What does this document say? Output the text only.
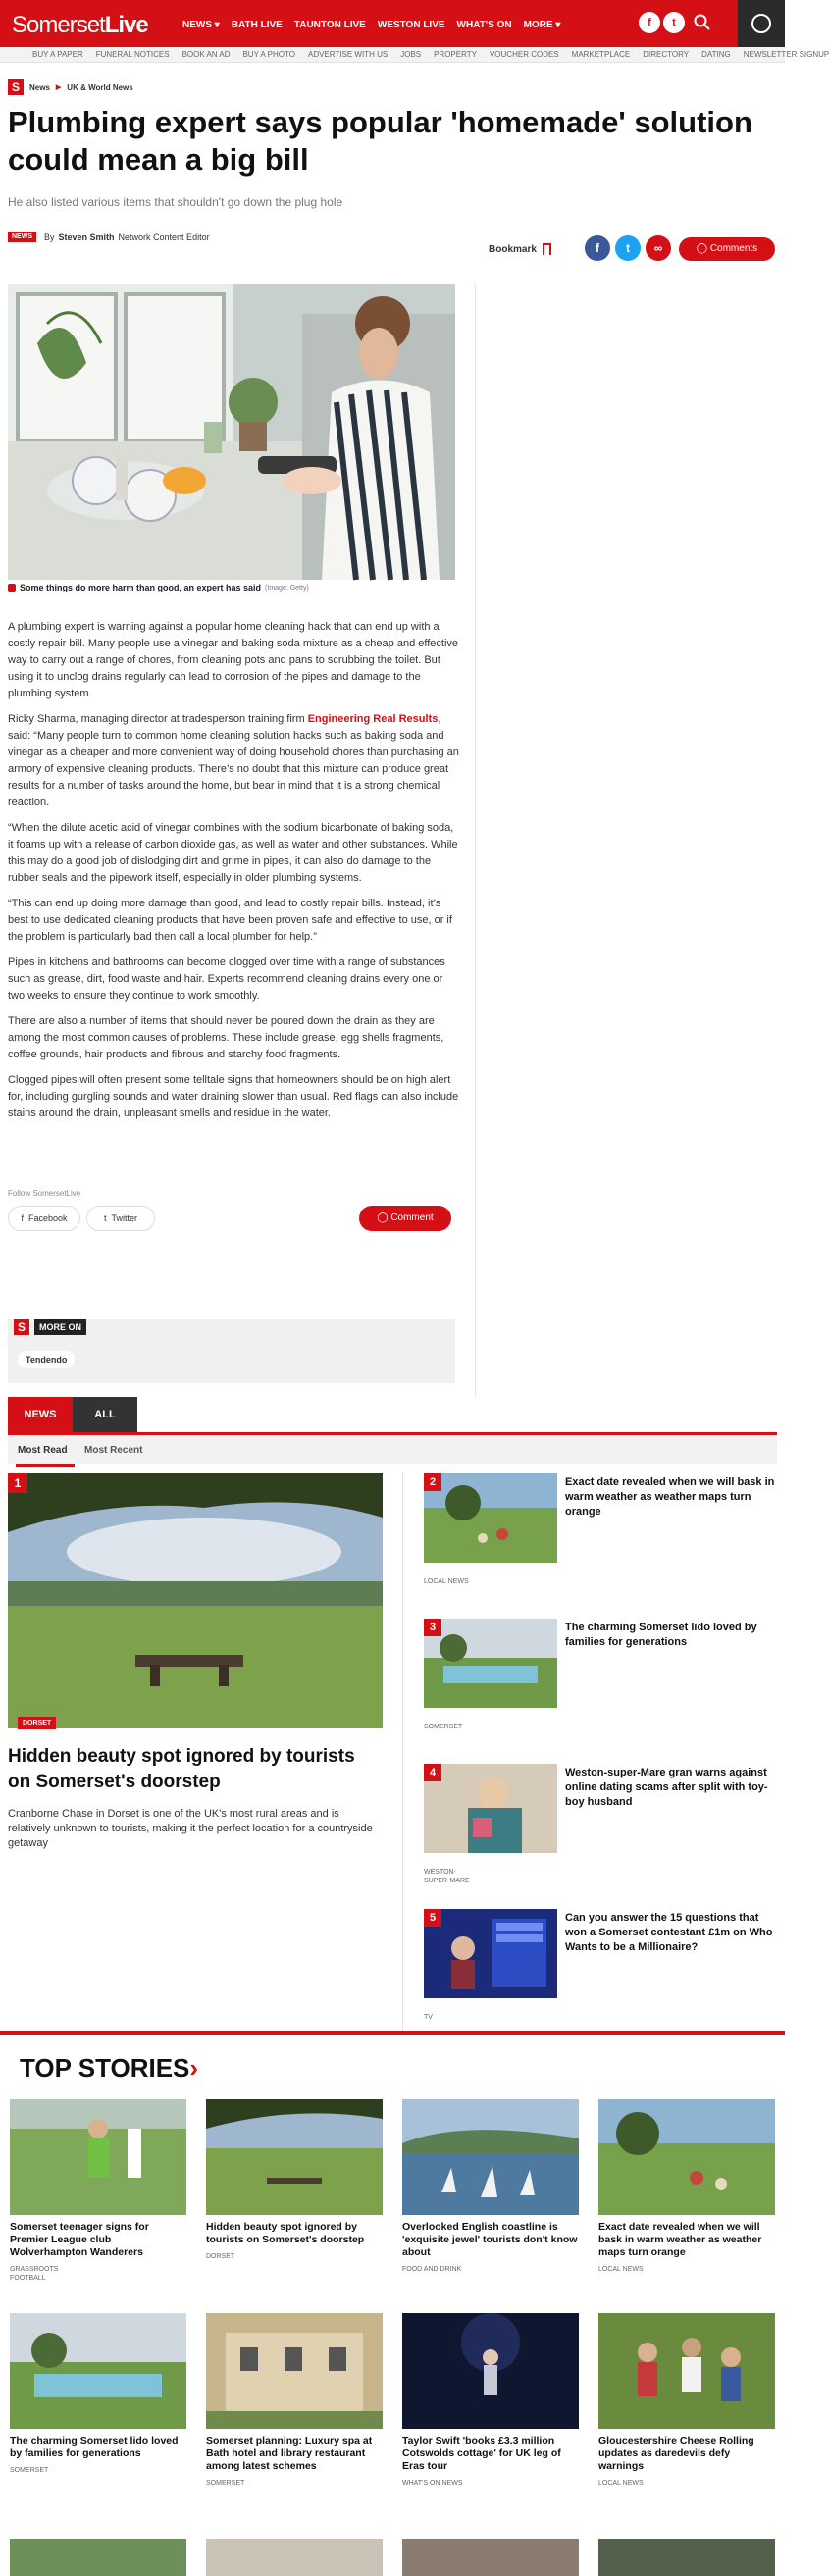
SomersetLive	NEWS ▾ BATH LIVE TAUNTON LIVE WESTON LIVE WHAT'S ON MORE ▾	f	t
BUY A PAPER FUNERAL NOTICES BOOK AN AD BUY A PHOTO ADVERTISE WITH US JOBS PROPERTY VOUCHER CODES MARKETPLACE DIRECTORY DATING NEWSLETTER SIGNUP
S	News ▶ UK & World News
Plumbing expert says popular 'homemade' solution could mean a big bill
He also listed various items that shouldn't go down the plug hole
NEWS	By Steven Smith Network Content Editor
Bookmark	f	t	∞	◯ Comments
Some things do more harm than good, an expert has said (Image: Getty)

A plumbing expert is warning against a popular home cleaning hack that can end up with a costly repair bill. Many people use a vinegar and baking soda mixture as a cheap and effective way to carry out a range of chores, from cleaning pots and pans to scrubbing the toilet. But using it to unclog drains regularly can lead to corrosion of the pipes and damage to the plumbing system.

Ricky Sharma, managing director at tradesperson training firm Engineering Real Results, said: “Many people turn to common home cleaning solution hacks such as baking soda and vinegar as a cheaper and more convenient way of doing household chores than purchasing an armory of expensive cleaning products. There’s no doubt that this mixture can produce great results for a number of tasks around the home, but bear in mind that it is a strong chemical reaction.

“When the dilute acetic acid of vinegar combines with the sodium bicarbonate of baking soda, it foams up with a release of carbon dioxide gas, as well as water and other substances. While this may do a good job of dislodging dirt and grime in pipes, it can also do damage to the rubber seals and the pipework itself, especially in older plumbing systems.

“This can end up doing more damage than good, and lead to costly repair bills. Instead, it’s best to use dedicated cleaning products that have been proven safe and effective to use, or if the problem is particularly bad then call a local plumber for help.”

Pipes in kitchens and bathrooms can become clogged over time with a range of substances such as grease, dirt, food waste and hair. Experts recommend cleaning drains every one or two weeks to ensure they continue to work smoothly.

There are also a number of items that should never be poured down the drain as they are among the most common causes of problems. These include grease, egg shells fragments, coffee grounds, hair products and fibrous and starchy food fragments.

Clogged pipes will often present some telltale signs that homeowners should be on high alert for, including gurgling sounds and water draining slower than usual. Red flags can also include stains around the drain, unpleasant smells and residue in the water.

Follow SomersetLive
f Facebook	t Twitter	◯ Comment
S	MORE ON
Tendendo
NEWS	ALL
Most Read Most Recent
1
DORSET
Hidden beauty spot ignored by tourists on Somerset's doorstep
Cranborne Chase in Dorset is one of the UK's most rural areas and is relatively unknown to tourists, making it the perfect location for a countryside getaway
2	Exact date revealed when we will bask in warm weather as weather maps turn orange
LOCAL NEWS
3	The charming Somerset lido loved by families for generations
SOMERSET
4	Weston-super-Mare gran warns against online dating scams after split with toy-boy husband
WESTON-
SUPER-MARE
5	Can you answer the 15 questions that won a Somerset contestant £1m on Who Wants to be a Millionaire?
TV
TOP STORIES›
Somerset teenager signs for Premier League club Wolverhampton Wanderers
GRASSROOTS
FOOTBALL
Hidden beauty spot ignored by tourists on Somerset's doorstep
DORSET
Overlooked English coastline is 'exquisite jewel' tourists don't know about
FOOD AND DRINK
Exact date revealed when we will bask in warm weather as weather maps turn orange
LOCAL NEWS
The charming Somerset lido loved by families for generations
SOMERSET
Somerset planning: Luxury spa at Bath hotel and library restaurant among latest schemes
SOMERSET
Taylor Swift 'books £3.3 million Cotswolds cottage' for UK leg of Eras tour
WHAT'S ON NEWS
Gloucestershire Cheese Rolling updates as daredevils defy warnings
LOCAL NEWS
